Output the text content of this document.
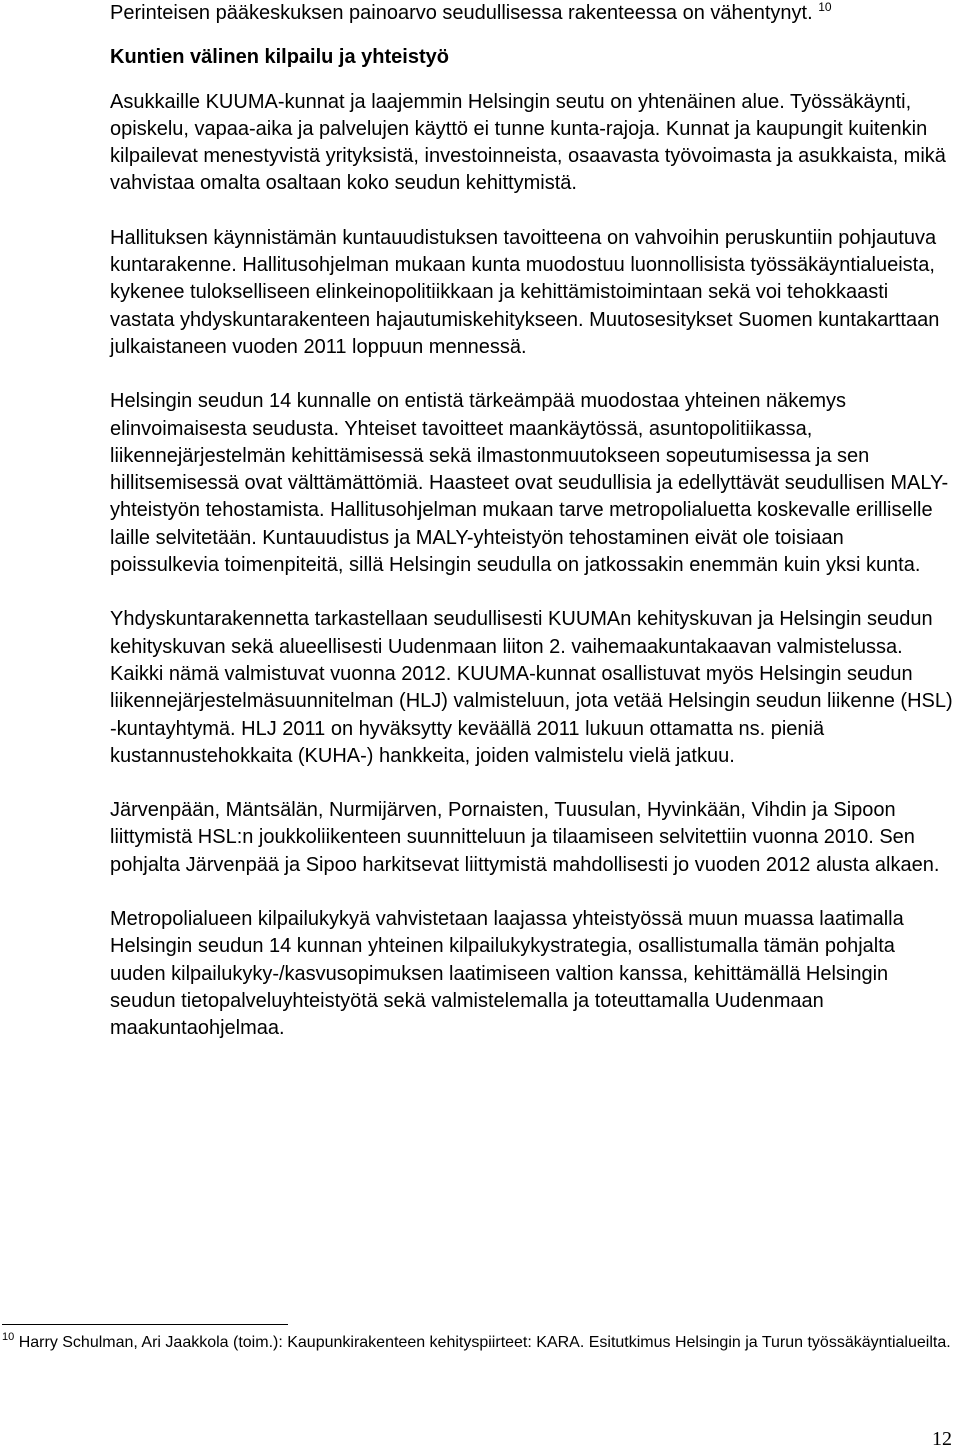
Perinteisen pääkeskuksen painoarvo seudullisessa rakenteessa on vähentynyt. $^{10}$

Kuntien välinen kilpailu ja yhteistyö

Asukkaille KUUMA-kunnat ja laajemmin Helsingin seutu on yhtenäinen alue. Työssäkäynti, opiskelu, vapaa-aika ja palvelujen käyttö ei tunne kunta-rajoja. Kunnat ja kaupungit kuitenkin kilpailevat menestyvistä yrityksistä, investoinneista, osaavasta työvoimasta ja asukkaista, mikä vahvistaa omalta osaltaan koko seudun kehittymistä.

Hallituksen käynnistämän kuntauudistuksen tavoitteena on vahvoihin peruskuntiin pohjautuva kuntarakenne. Hallitusohjelman mukaan kunta muodostuu luonnollisista työssäkäyntialueista, kykenee tulokselliseen elinkeinopolitiikkaan ja kehittämistoimintaan sekä voi tehokkaasti vastata yhdyskuntarakenteen hajautumiskehitykseen. Muutosesitykset Suomen kuntakarttaan julkaistaneen vuoden 2011 loppuun mennessä.

Helsingin seudun 14 kunnalle on entistä tärkeämpää muodostaa yhteinen näkemys elinvoimaisesta seudusta. Yhteiset tavoitteet maankäytössä, asuntopolitiikassa, liikennejärjestelmän kehittämisessä sekä ilmastonmuutokseen sopeutumisessa ja sen hillitsemisessä ovat välttämättömiä. Haasteet ovat seudullisia ja edellyttävät seudullisen MALY-yhteistyön tehostamista. Hallitusohjelman mukaan tarve metropolialuetta koskevalle erilliselle laille selvitetään. Kuntauudistus ja MALY-yhteistyön tehostaminen eivät ole toisiaan poissulkevia toimenpiteitä, sillä Helsingin seudulla on jatkossakin enemmän kuin yksi kunta.

Yhdyskuntarakennetta tarkastellaan seudullisesti KUUMAn kehityskuvan ja Helsingin seudun kehityskuvan sekä alueellisesti Uudenmaan liiton 2. vaihemaakuntakaavan valmistelussa. Kaikki nämä valmistuvat vuonna 2012. KUUMA-kunnat osallistuvat myös Helsingin seudun liikennejärjestelmäsuunnitelman (HLJ) valmisteluun, jota vetää Helsingin seudun liikenne (HSL) -kuntayhtymä. HLJ 2011 on hyväksytty keväällä 2011 lukuun ottamatta ns. pieniä kustannustehokkaita (KUHA-) hankkeita, joiden valmistelu vielä jatkuu.

Järvenpään, Mäntsälän, Nurmijärven, Pornaisten, Tuusulan, Hyvinkään, Vihdin ja Sipoon liittymistä HSL:n joukkoliikenteen suunnitteluun ja tilaamiseen selvitettiin vuonna 2010. Sen pohjalta Järvenpää ja Sipoo harkitsevat liittymistä mahdollisesti jo vuoden 2012 alusta alkaen.

Metropolialueen kilpailukykyä vahvistetaan laajassa yhteistyössä muun muassa laatimalla Helsingin seudun 14 kunnan yhteinen kilpailukykystrategia, osallistumalla tämän pohjalta uuden kilpailukyky-/kasvusopimuksen laatimiseen valtion kanssa, kehittämällä Helsingin seudun tietopalveluyhteistyötä sekä valmistelemalla ja toteuttamalla Uudenmaan maakuntaohjelmaa.

$^{10}$ Harry Schulman, Ari Jaakkola (toim.): Kaupunkirakenteen kehityspiirteet: KARA. Esitutkimus Helsingin ja Turun työssäkäyntialueilta.

12
